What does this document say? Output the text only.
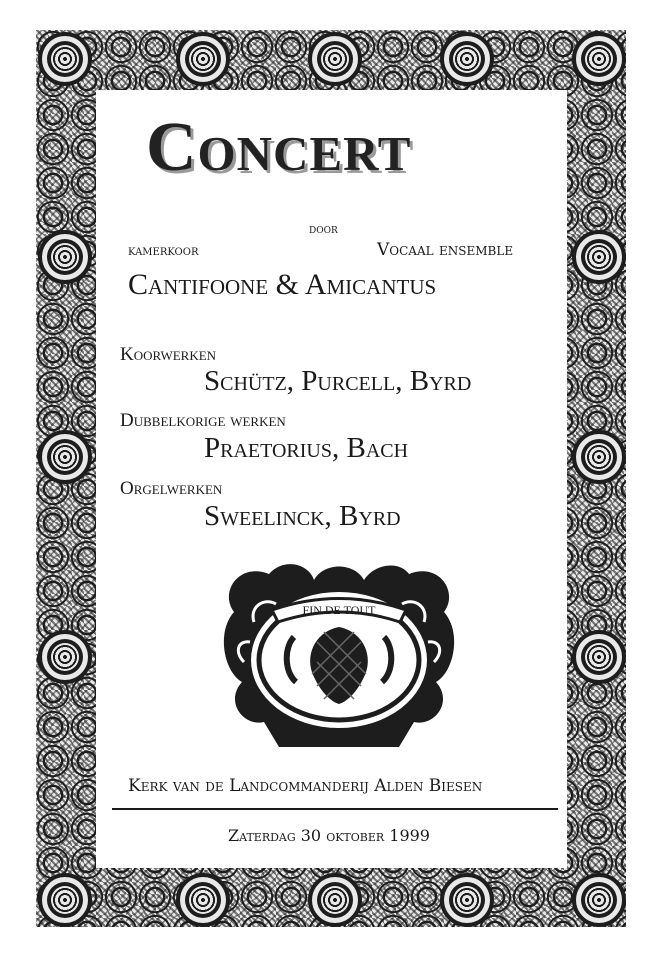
Concert

door

kamerkoor	Vocaal ensemble

Cantifoone & Amicantus

Koorwerken

Schütz, Purcell, Byrd

Dubbelkorige werken

Praetorius, Bach

Orgelwerken

Sweelinck, Byrd

FIN DE TOUT

Kerk van de Landcommanderij Alden Biesen

Zaterdag 30 oktober 1999
